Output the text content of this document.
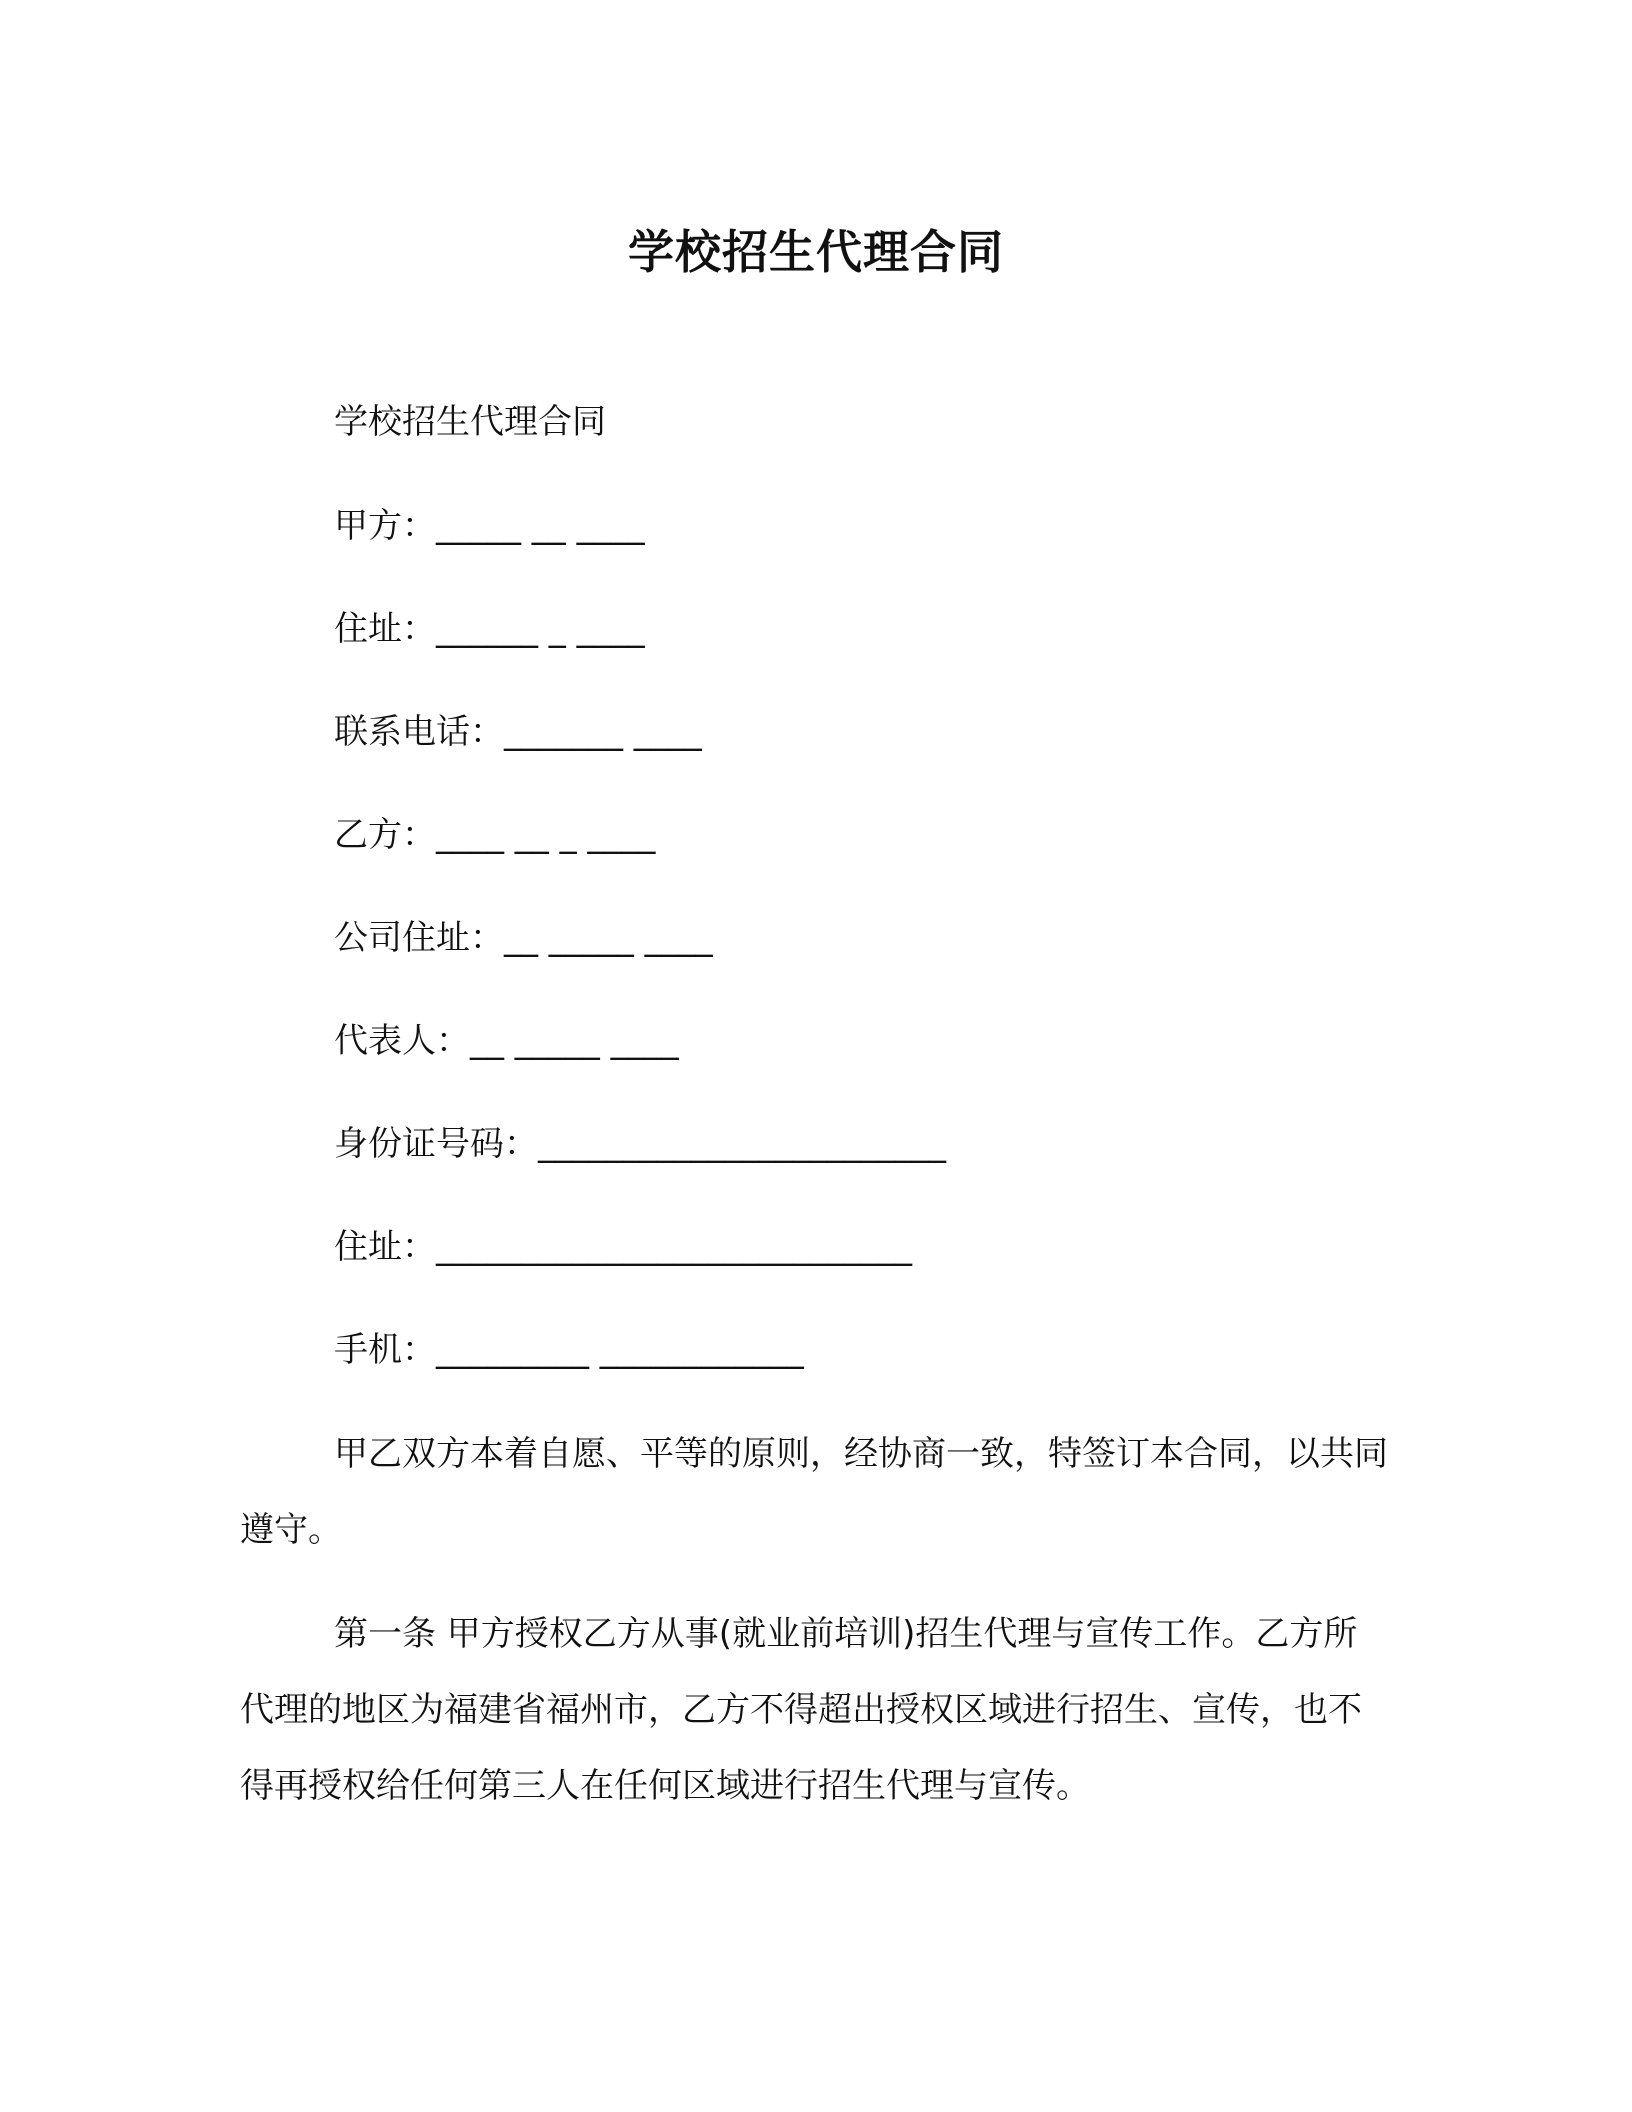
学校招生代理合同
学校招生代理合同
甲方：_____ __ ____
住址：______ _ ____
联系电话：_______ ____
乙方：____ __ _ ____
公司住址：__ _____ ____
代表人：__ _____ ____
身份证号码：________________________
住址：____________________________
手机：_________ ____________
甲乙双方本着自愿、平等的原则，经协商一致，特签订本合同，以共同遵守。
第一条 甲方授权乙方从事(就业前培训)招生代理与宣传工作。乙方所代理的地区为福建省福州市，乙方不得超出授权区域进行招生、宣传，也不得再授权给任何第三人在任何区域进行招生代理与宣传。
